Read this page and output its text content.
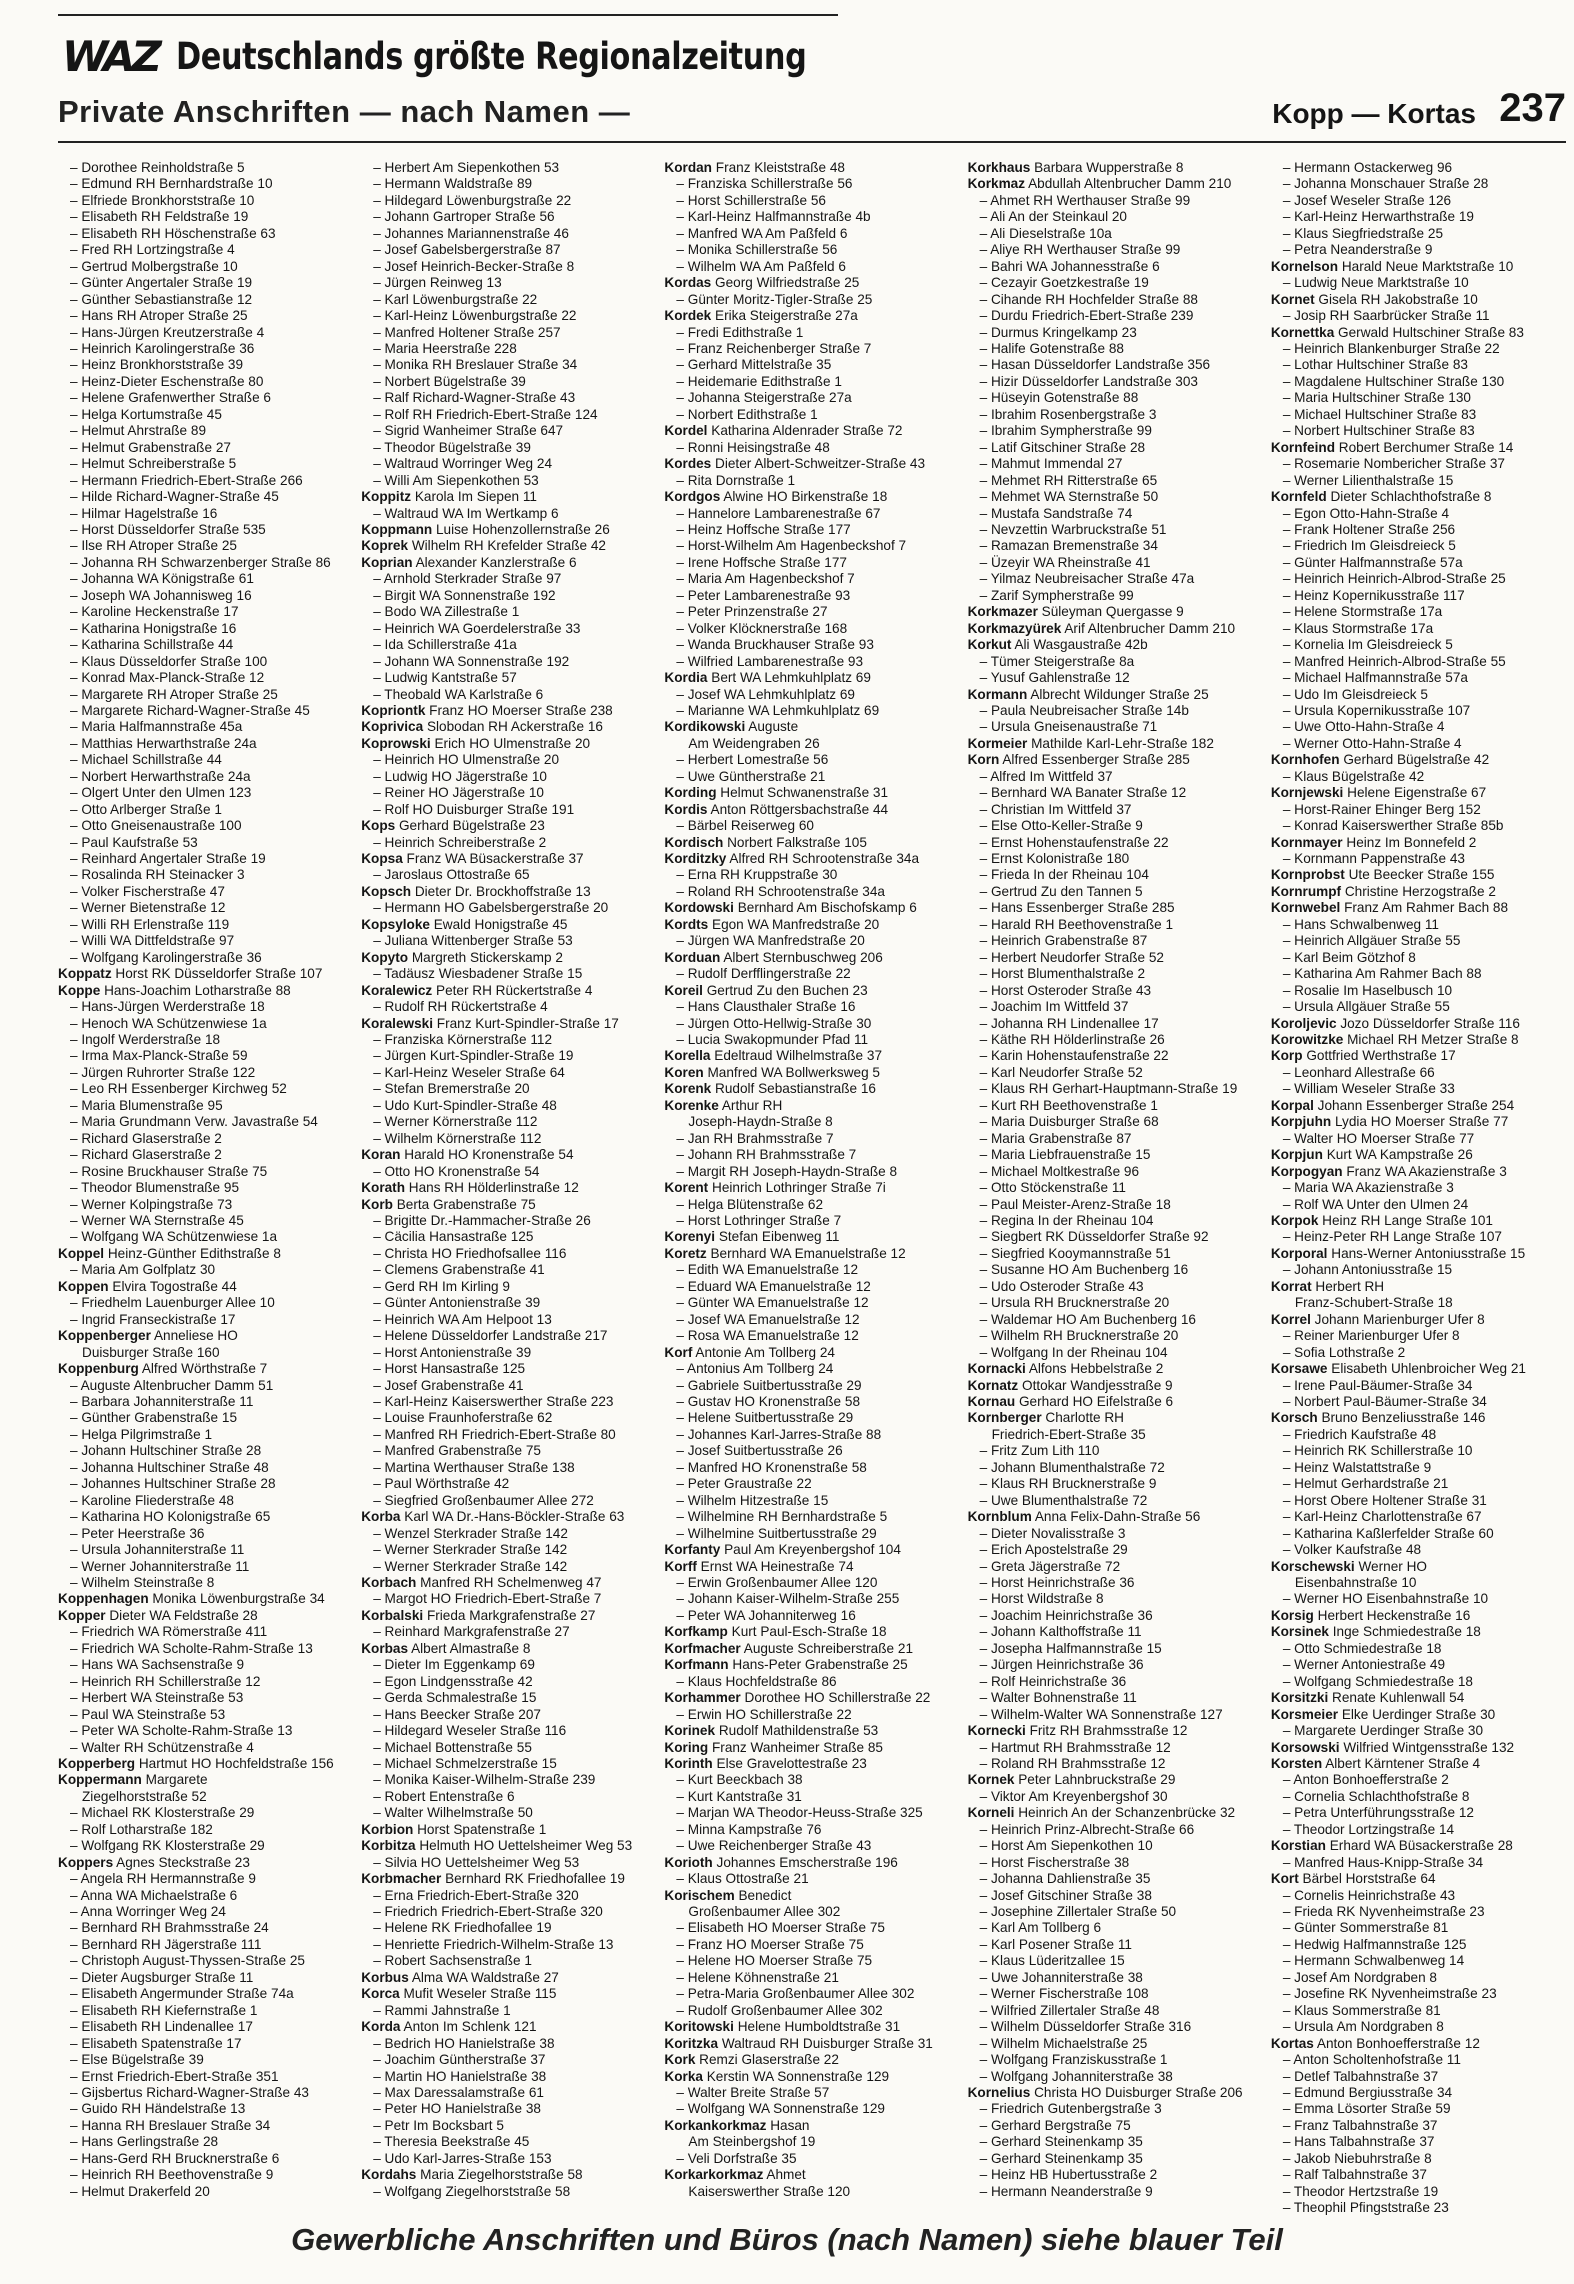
WAZ Deutschlands größte Regionalzeitung
Private Anschriften — nach Namen —	Kopp — Kortas 237
– Dorothee Reinholdstraße 5
– Edmund RH Bernhardstraße 10
– Elfriede Bronkhorststraße 10
– Elisabeth RH Feldstraße 19
– Elisabeth RH Höschenstraße 63
– Fred RH Lortzingstraße 4
– Gertrud Molbergstraße 10
– Günter Angertaler Straße 19
– Günther Sebastianstraße 12
– Hans RH Atroper Straße 25
– Hans-Jürgen Kreutzerstraße 4
– Heinrich Karolingerstraße 36
– Heinz Bronkhorststraße 39
– Heinz-Dieter Eschenstraße 80
– Helene Grafenwerther Straße 6
– Helga Kortumstraße 45
– Helmut Ahrstraße 89
– Helmut Grabenstraße 27
– Helmut Schreiberstraße 5
– Hermann Friedrich-Ebert-Straße 266
– Hilde Richard-Wagner-Straße 45
– Hilmar Hagelstraße 16
– Horst Düsseldorfer Straße 535
– Ilse RH Atroper Straße 25
– Johanna RH Schwarzenberger Straße 86
– Johanna WA Königstraße 61
– Joseph WA Johannisweg 16
– Karoline Heckenstraße 17
– Katharina Honigstraße 16
– Katharina Schillstraße 44
– Klaus Düsseldorfer Straße 100
– Konrad Max-Planck-Straße 12
– Margarete RH Atroper Straße 25
– Margarete Richard-Wagner-Straße 45
– Maria Halfmannstraße 45a
– Matthias Herwarthstraße 24a
– Michael Schillstraße 44
– Norbert Herwarthstraße 24a
– Olgert Unter den Ulmen 123
– Otto Arlberger Straße 1
– Otto Gneisenaustraße 100
– Paul Kaufstraße 53
– Reinhard Angertaler Straße 19
– Rosalinda RH Steinacker 3
– Volker Fischerstraße 47
– Werner Bietenstraße 12
– Willi RH Erlenstraße 119
– Willi WA Dittfeldstraße 97
– Wolfgang Karolingerstraße 36
Koppatz Horst RK Düsseldorfer Straße 107
Koppe Hans-Joachim Lotharstraße 88
– Hans-Jürgen Werderstraße 18
– Henoch WA Schützenwiese 1a
– Ingolf Werderstraße 18
– Irma Max-Planck-Straße 59
– Jürgen Ruhrorter Straße 122
– Leo RH Essenberger Kirchweg 52
– Maria Blumenstraße 95
– Maria Grundmann Verw. Javastraße 54
– Richard Glaserstraße 2
– Richard Glaserstraße 2
– Rosine Bruckhauser Straße 75
– Theodor Blumenstraße 95
– Werner Kolpingstraße 73
– Werner WA Sternstraße 45
– Wolfgang WA Schützenwiese 1a
Koppel Heinz-Günther Edithstraße 8
– Maria Am Golfplatz 30
Koppen Elvira Togostraße 44
– Friedhelm Lauenburger Allee 10
– Ingrid Franseckistraße 17
Koppenberger Anneliese HO
Duisburger Straße 160
Koppenburg Alfred Wörthstraße 7
– Auguste Altenbrucher Damm 51
– Barbara Johanniterstraße 11
– Günther Grabenstraße 15
– Helga Pilgrimstraße 1
– Johann Hultschiner Straße 28
– Johanna Hultschiner Straße 48
– Johannes Hultschiner Straße 28
– Karoline Fliederstraße 48
– Katharina HO Kolonigstraße 65
– Peter Heerstraße 36
– Ursula Johanniterstraße 11
– Werner Johanniterstraße 11
– Wilhelm Steinstraße 8
Koppenhagen Monika Löwenburgstraße 34
Kopper Dieter WA Feldstraße 28
– Friedrich WA Römerstraße 411
– Friedrich WA Scholte-Rahm-Straße 13
– Hans WA Sachsenstraße 9
– Heinrich RH Schillerstraße 12
– Herbert WA Steinstraße 53
– Paul WA Steinstraße 53
– Peter WA Scholte-Rahm-Straße 13
– Walter RH Schützenstraße 4
Kopperberg Hartmut HO Hochfeldstraße 156
Koppermann Margarete
Ziegelhorststraße 52
– Michael RK Klosterstraße 29
– Rolf Lotharstraße 182
– Wolfgang RK Klosterstraße 29
Koppers Agnes Steckstraße 23
– Angela RH Hermannstraße 9
– Anna WA Michaelstraße 6
– Anna Worringer Weg 24
– Bernhard RH Brahmsstraße 24
– Bernhard RH Jägerstraße 111
– Christoph August-Thyssen-Straße 25
– Dieter Augsburger Straße 11
– Elisabeth Angermunder Straße 74a
– Elisabeth RH Kiefernstraße 1
– Elisabeth RH Lindenallee 17
– Elisabeth Spatenstraße 17
– Else Bügelstraße 39
– Ernst Friedrich-Ebert-Straße 351
– Gijsbertus Richard-Wagner-Straße 43
– Guido RH Händelstraße 13
– Hanna RH Breslauer Straße 34
– Hans Gerlingstraße 28
– Hans-Gerd RH Brucknerstraße 6
– Heinrich RH Beethovenstraße 9
– Helmut Drakerfeld 20
– Herbert Am Siepenkothen 53
– Hermann Waldstraße 89
– Hildegard Löwenburgstraße 22
– Johann Gartroper Straße 56
– Johannes Mariannenstraße 46
– Josef Gabelsbergerstraße 87
– Josef Heinrich-Becker-Straße 8
– Jürgen Reinweg 13
– Karl Löwenburgstraße 22
– Karl-Heinz Löwenburgstraße 22
– Manfred Holtener Straße 257
– Maria Heerstraße 228
– Monika RH Breslauer Straße 34
– Norbert Bügelstraße 39
– Ralf Richard-Wagner-Straße 43
– Rolf RH Friedrich-Ebert-Straße 124
– Sigrid Wanheimer Straße 647
– Theodor Bügelstraße 39
– Waltraud Worringer Weg 24
– Willi Am Siepenkothen 53
Koppitz Karola Im Siepen 11
– Waltraud WA Im Wertkamp 6
Koppmann Luise Hohenzollernstraße 26
Koprek Wilhelm RH Krefelder Straße 42
Koprian Alexander Kanzlerstraße 6
– Arnhold Sterkrader Straße 97
– Birgit WA Sonnenstraße 192
– Bodo WA Zillestraße 1
– Heinrich WA Goerdelerstraße 33
– Ida Schillerstraße 41a
– Johann WA Sonnenstraße 192
– Ludwig Kantstraße 57
– Theobald WA Karlstraße 6
Kopriontk Franz HO Moerser Straße 238
Koprivica Slobodan RH Ackerstraße 16
Koprowski Erich HO Ulmenstraße 20
– Heinrich HO Ulmenstraße 20
– Ludwig HO Jägerstraße 10
– Reiner HO Jägerstraße 10
– Rolf HO Duisburger Straße 191
Kops Gerhard Bügelstraße 23
– Heinrich Schreiberstraße 2
Kopsa Franz WA Büsackerstraße 37
– Jaroslaus Ottostraße 65
Kopsch Dieter Dr. Brockhoffstraße 13
– Hermann HO Gabelsbergerstraße 20
Kopsyloke Ewald Honigstraße 45
– Juliana Wittenberger Straße 53
Kopyto Margreth Stickerskamp 2
– Tadäusz Wiesbadener Straße 15
Koralewicz Peter RH Rückertstraße 4
– Rudolf RH Rückertstraße 4
Koralewski Franz Kurt-Spindler-Straße 17
– Franziska Körnerstraße 112
– Jürgen Kurt-Spindler-Straße 19
– Karl-Heinz Weseler Straße 64
– Stefan Bremerstraße 20
– Udo Kurt-Spindler-Straße 48
– Werner Körnerstraße 112
– Wilhelm Körnerstraße 112
Koran Harald HO Kronenstraße 54
– Otto HO Kronenstraße 54
Korath Hans RH Hölderlinstraße 12
Korb Berta Grabenstraße 75
– Brigitte Dr.-Hammacher-Straße 26
– Cäcilia Hansastraße 125
– Christa HO Friedhofsallee 116
– Clemens Grabenstraße 41
– Gerd RH Im Kirling 9
– Günter Antonienstraße 39
– Heinrich WA Am Helpoot 13
– Helene Düsseldorfer Landstraße 217
– Horst Antonienstraße 39
– Horst Hansastraße 125
– Josef Grabenstraße 41
– Karl-Heinz Kaiserswerther Straße 223
– Louise Fraunhoferstraße 62
– Manfred RH Friedrich-Ebert-Straße 80
– Manfred Grabenstraße 75
– Martina Werthauser Straße 138
– Paul Wörthstraße 42
– Siegfried Großenbaumer Allee 272
Korba Karl WA Dr.-Hans-Böckler-Straße 63
– Wenzel Sterkrader Straße 142
– Werner Sterkrader Straße 142
– Werner Sterkrader Straße 142
Korbach Manfred RH Schelmenweg 47
– Margot HO Friedrich-Ebert-Straße 7
Korbalski Frieda Markgrafenstraße 27
– Reinhard Markgrafenstraße 27
Korbas Albert Almastraße 8
– Dieter Im Eggenkamp 69
– Egon Lindgensstraße 42
– Gerda Schmalestraße 15
– Hans Beecker Straße 207
– Hildegard Weseler Straße 116
– Michael Bottenstraße 55
– Michael Schmelzerstraße 15
– Monika Kaiser-Wilhelm-Straße 239
– Robert Entenstraße 6
– Walter Wilhelmstraße 50
Korbion Horst Spatenstraße 1
Korbitza Helmuth HO Uettelsheimer Weg 53
– Silvia HO Uettelsheimer Weg 53
Korbmacher Bernhard RK Friedhofallee 19
– Erna Friedrich-Ebert-Straße 320
– Friedrich Friedrich-Ebert-Straße 320
– Helene RK Friedhofallee 19
– Henriette Friedrich-Wilhelm-Straße 13
– Robert Sachsenstraße 1
Korbus Alma WA Waldstraße 27
Korca Mufit Weseler Straße 115
– Rammi Jahnstraße 1
Korda Anton Im Schlenk 121
– Bedrich HO Hanielstraße 38
– Joachim Güntherstraße 37
– Martin HO Hanielstraße 38
– Max Daressalamstraße 61
– Peter HO Hanielstraße 38
– Petr Im Bocksbart 5
– Theresia Beekstraße 45
– Udo Karl-Jarres-Straße 153
Kordahs Maria Ziegelhorststraße 58
– Wolfgang Ziegelhorststraße 58
Kordan Franz Kleiststraße 48
– Franziska Schillerstraße 56
– Horst Schillerstraße 56
– Karl-Heinz Halfmannstraße 4b
– Manfred WA Am Paßfeld 6
– Monika Schillerstraße 56
– Wilhelm WA Am Paßfeld 6
Kordas Georg Wilfriedstraße 25
– Günter Moritz-Tigler-Straße 25
Kordek Erika Steigerstraße 27a
– Fredi Edithstraße 1
– Franz Reichenberger Straße 7
– Gerhard Mittelstraße 35
– Heidemarie Edithstraße 1
– Johanna Steigerstraße 27a
– Norbert Edithstraße 1
Kordel Katharina Aldenrader Straße 72
– Ronni Heisingstraße 48
Kordes Dieter Albert-Schweitzer-Straße 43
– Rita Dornstraße 1
Kordgos Alwine HO Birkenstraße 18
– Hannelore Lambarenestraße 67
– Heinz Hoffsche Straße 177
– Horst-Wilhelm Am Hagenbeckshof 7
– Irene Hoffsche Straße 177
– Maria Am Hagenbeckshof 7
– Peter Lambarenestraße 93
– Peter Prinzenstraße 27
– Volker Klöcknerstraße 168
– Wanda Bruckhauser Straße 93
– Wilfried Lambarenestraße 93
Kordia Bert WA Lehmkuhlplatz 69
– Josef WA Lehmkuhlplatz 69
– Marianne WA Lehmkuhlplatz 69
Kordikowski Auguste
Am Weidengraben 26
– Herbert Lomestraße 56
– Uwe Güntherstraße 21
Kording Helmut Schwanenstraße 31
Kordis Anton Röttgersbachstraße 44
– Bärbel Reiserweg 60
Kordisch Norbert Falkstraße 105
Korditzky Alfred RH Schrootenstraße 34a
– Erna RH Kruppstraße 30
– Roland RH Schrootenstraße 34a
Kordowski Bernhard Am Bischofskamp 6
Kordts Egon WA Manfredstraße 20
– Jürgen WA Manfredstraße 20
Korduan Albert Sternbuschweg 206
– Rudolf Derfflingerstraße 22
Koreil Gertrud Zu den Buchen 23
– Hans Clausthaler Straße 16
– Jürgen Otto-Hellwig-Straße 30
– Lucia Swakopmunder Pfad 11
Korella Edeltraud Wilhelmstraße 37
Koren Manfred WA Bollwerksweg 5
Korenk Rudolf Sebastianstraße 16
Korenke Arthur RH
Joseph-Haydn-Straße 8
– Jan RH Brahmsstraße 7
– Johann RH Brahmsstraße 7
– Margit RH Joseph-Haydn-Straße 8
Korent Heinrich Lothringer Straße 7i
– Helga Blütenstraße 62
– Horst Lothringer Straße 7
Korenyi Stefan Eibenweg 11
Koretz Bernhard WA Emanuelstraße 12
– Edith WA Emanuelstraße 12
– Eduard WA Emanuelstraße 12
– Günter WA Emanuelstraße 12
– Josef WA Emanuelstraße 12
– Rosa WA Emanuelstraße 12
Korf Antonie Am Tollberg 24
– Antonius Am Tollberg 24
– Gabriele Suitbertusstraße 29
– Gustav HO Kronenstraße 58
– Helene Suitbertusstraße 29
– Johannes Karl-Jarres-Straße 88
– Josef Suitbertusstraße 26
– Manfred HO Kronenstraße 58
– Peter Graustraße 22
– Wilhelm Hitzestraße 15
– Wilhelmine RH Bernhardstraße 5
– Wilhelmine Suitbertusstraße 29
Korfanty Paul Am Kreyenbergshof 104
Korff Ernst WA Heinestraße 74
– Erwin Großenbaumer Allee 120
– Johann Kaiser-Wilhelm-Straße 255
– Peter WA Johanniterweg 16
Korfkamp Kurt Paul-Esch-Straße 18
Korfmacher Auguste Schreiberstraße 21
Korfmann Hans-Peter Grabenstraße 25
– Klaus Hochfeldstraße 86
Korhammer Dorothee HO Schillerstraße 22
– Erwin HO Schillerstraße 22
Korinek Rudolf Mathildenstraße 53
Koring Franz Wanheimer Straße 85
Korinth Else Gravelottestraße 23
– Kurt Beeckbach 38
– Kurt Kantstraße 31
– Marjan WA Theodor-Heuss-Straße 325
– Minna Kampstraße 76
– Uwe Reichenberger Straße 43
Korioth Johannes Emscherstraße 196
– Klaus Ottostraße 21
Korischem Benedict
Großenbaumer Allee 302
– Elisabeth HO Moerser Straße 75
– Franz HO Moerser Straße 75
– Helene HO Moerser Straße 75
– Helene Köhnenstraße 21
– Petra-Maria Großenbaumer Allee 302
– Rudolf Großenbaumer Allee 302
Koritowski Helene Humboldtstraße 31
Koritzka Waltraud RH Duisburger Straße 31
Kork Remzi Glaserstraße 22
Korka Kerstin WA Sonnenstraße 129
– Walter Breite Straße 57
– Wolfgang WA Sonnenstraße 129
Korkankorkmaz Hasan
Am Steinbergshof 19
– Veli Dorfstraße 35
Korkarkorkmaz Ahmet
Kaiserswerther Straße 120
Korkhaus Barbara Wupperstraße 8
Korkmaz Abdullah Altenbrucher Damm 210
– Ahmet RH Werthauser Straße 99
– Ali An der Steinkaul 20
– Ali Dieselstraße 10a
– Aliye RH Werthauser Straße 99
– Bahri WA Johannesstraße 6
– Cezayir Goetzkestraße 19
– Cihande RH Hochfelder Straße 88
– Durdu Friedrich-Ebert-Straße 239
– Durmus Kringelkamp 23
– Halife Gotenstraße 88
– Hasan Düsseldorfer Landstraße 356
– Hizir Düsseldorfer Landstraße 303
– Hüseyin Gotenstraße 88
– Ibrahim Rosenbergstraße 3
– Ibrahim Sympherstraße 99
– Latif Gitschiner Straße 28
– Mahmut Immendal 27
– Mehmet RH Ritterstraße 65
– Mehmet WA Sternstraße 50
– Mustafa Sandstraße 74
– Nevzettin Warbruckstraße 51
– Ramazan Bremenstraße 34
– Üzeyir WA Rheinstraße 41
– Yilmaz Neubreisacher Straße 47a
– Zarif Sympherstraße 99
Korkmazer Süleyman Quergasse 9
Korkmazyürek Arif Altenbrucher Damm 210
Korkut Ali Wasgaustraße 42b
– Tümer Steigerstraße 8a
– Yusuf Gahlenstraße 12
Kormann Albrecht Wildunger Straße 25
– Paula Neubreisacher Straße 14b
– Ursula Gneisenaustraße 71
Kormeier Mathilde Karl-Lehr-Straße 182
Korn Alfred Essenberger Straße 285
– Alfred Im Wittfeld 37
– Bernhard WA Banater Straße 12
– Christian Im Wittfeld 37
– Else Otto-Keller-Straße 9
– Ernst Hohenstaufenstraße 22
– Ernst Kolonistraße 180
– Frieda In der Rheinau 104
– Gertrud Zu den Tannen 5
– Hans Essenberger Straße 285
– Harald RH Beethovenstraße 1
– Heinrich Grabenstraße 87
– Herbert Neudorfer Straße 52
– Horst Blumenthalstraße 2
– Horst Osteroder Straße 43
– Joachim Im Wittfeld 37
– Johanna RH Lindenallee 17
– Käthe RH Hölderlinstraße 26
– Karin Hohenstaufenstraße 22
– Karl Neudorfer Straße 52
– Klaus RH Gerhart-Hauptmann-Straße 19
– Kurt RH Beethovenstraße 1
– Maria Duisburger Straße 68
– Maria Grabenstraße 87
– Maria Liebfrauenstraße 15
– Michael Moltkestraße 96
– Otto Stöckenstraße 11
– Paul Meister-Arenz-Straße 18
– Regina In der Rheinau 104
– Siegbert RK Düsseldorfer Straße 92
– Siegfried Kooymannstraße 51
– Susanne HO Am Buchenberg 16
– Udo Osteroder Straße 43
– Ursula RH Brucknerstraße 20
– Waldemar HO Am Buchenberg 16
– Wilhelm RH Brucknerstraße 20
– Wolfgang In der Rheinau 104
Kornacki Alfons Hebbelstraße 2
Kornatz Ottokar Wandjesstraße 9
Kornau Gerhard HO Eifelstraße 6
Kornberger Charlotte RH
Friedrich-Ebert-Straße 35
– Fritz Zum Lith 110
– Johann Blumenthalstraße 72
– Klaus RH Brucknerstraße 9
– Uwe Blumenthalstraße 72
Kornblum Anna Felix-Dahn-Straße 56
– Dieter Novalisstraße 3
– Erich Apostelstraße 29
– Greta Jägerstraße 72
– Horst Heinrichstraße 36
– Horst Wildstraße 8
– Joachim Heinrichstraße 36
– Johann Kalthoffstraße 11
– Josepha Halfmannstraße 15
– Jürgen Heinrichstraße 36
– Rolf Heinrichstraße 36
– Walter Bohnenstraße 11
– Wilhelm-Walter WA Sonnenstraße 127
Kornecki Fritz RH Brahmsstraße 12
– Hartmut RH Brahmsstraße 12
– Roland RH Brahmsstraße 12
Kornek Peter Lahnbruckstraße 29
– Viktor Am Kreyenbergshof 30
Korneli Heinrich An der Schanzenbrücke 32
– Heinrich Prinz-Albrecht-Straße 66
– Horst Am Siepenkothen 10
– Horst Fischerstraße 38
– Johanna Dahlienstraße 35
– Josef Gitschiner Straße 38
– Josephine Zillertaler Straße 50
– Karl Am Tollberg 6
– Karl Posener Straße 11
– Klaus Lüderitzallee 15
– Uwe Johanniterstraße 38
– Werner Fischerstraße 108
– Wilfried Zillertaler Straße 48
– Wilhelm Düsseldorfer Straße 316
– Wilhelm Michaelstraße 25
– Wolfgang Franziskusstraße 1
– Wolfgang Johanniterstraße 38
Kornelius Christa HO Duisburger Straße 206
– Friedrich Gutenbergstraße 3
– Gerhard Bergstraße 75
– Gerhard Steinenkamp 35
– Gerhard Steinenkamp 35
– Heinz HB Hubertusstraße 2
– Hermann Neanderstraße 9
– Hermann Ostackerweg 96
– Johanna Monschauer Straße 28
– Josef Weseler Straße 126
– Karl-Heinz Herwarthstraße 19
– Klaus Siegfriedstraße 25
– Petra Neanderstraße 9
Kornelson Harald Neue Marktstraße 10
– Ludwig Neue Marktstraße 10
Kornet Gisela RH Jakobstraße 10
– Josip RH Saarbrücker Straße 11
Kornettka Gerwald Hultschiner Straße 83
– Heinrich Blankenburger Straße 22
– Lothar Hultschiner Straße 83
– Magdalene Hultschiner Straße 130
– Maria Hultschiner Straße 130
– Michael Hultschiner Straße 83
– Norbert Hultschiner Straße 83
Kornfeind Robert Berchumer Straße 14
– Rosemarie Nombericher Straße 37
– Werner Lilienthalstraße 15
Kornfeld Dieter Schlachthofstraße 8
– Egon Otto-Hahn-Straße 4
– Frank Holtener Straße 256
– Friedrich Im Gleisdreieck 5
– Günter Halfmannstraße 57a
– Heinrich Heinrich-Albrod-Straße 25
– Heinz Kopernikusstraße 117
– Helene Stormstraße 17a
– Klaus Stormstraße 17a
– Kornelia Im Gleisdreieck 5
– Manfred Heinrich-Albrod-Straße 55
– Michael Halfmannstraße 57a
– Udo Im Gleisdreieck 5
– Ursula Kopernikusstraße 107
– Uwe Otto-Hahn-Straße 4
– Werner Otto-Hahn-Straße 4
Kornhofen Gerhard Bügelstraße 42
– Klaus Bügelstraße 42
Kornjewski Helene Eigenstraße 67
– Horst-Rainer Ehinger Berg 152
– Konrad Kaiserswerther Straße 85b
Kornmayer Heinz Im Bonnefeld 2
– Kornmann Pappenstraße 43
Kornprobst Ute Beecker Straße 155
Kornrumpf Christine Herzogstraße 2
Kornwebel Franz Am Rahmer Bach 88
– Hans Schwalbenweg 11
– Heinrich Allgäuer Straße 55
– Karl Beim Götzhof 8
– Katharina Am Rahmer Bach 88
– Rosalie Im Haselbusch 10
– Ursula Allgäuer Straße 55
Koroljevic Jozo Düsseldorfer Straße 116
Korowitzke Michael RH Metzer Straße 8
Korp Gottfried Werthstraße 17
– Leonhard Allestraße 66
– William Weseler Straße 33
Korpal Johann Essenberger Straße 254
Korpjuhn Lydia HO Moerser Straße 77
– Walter HO Moerser Straße 77
Korpjun Kurt WA Kampstraße 26
Korpogyan Franz WA Akazienstraße 3
– Maria WA Akazienstraße 3
– Rolf WA Unter den Ulmen 24
Korpok Heinz RH Lange Straße 101
– Heinz-Peter RH Lange Straße 107
Korporal Hans-Werner Antoniusstraße 15
– Johann Antoniusstraße 15
Korrat Herbert RH
Franz-Schubert-Straße 18
Korrel Johann Marienburger Ufer 8
– Reiner Marienburger Ufer 8
– Sofia Lothstraße 2
Korsawe Elisabeth Uhlenbroicher Weg 21
– Irene Paul-Bäumer-Straße 34
– Norbert Paul-Bäumer-Straße 34
Korsch Bruno Benzeliusstraße 146
– Friedrich Kaufstraße 48
– Heinrich RK Schillerstraße 10
– Heinz Walstattstraße 9
– Helmut Gerhardstraße 21
– Horst Obere Holtener Straße 31
– Karl-Heinz Charlottenstraße 67
– Katharina Kaßlerfelder Straße 60
– Volker Kaufstraße 48
Korschewski Werner HO
Eisenbahnstraße 10
– Werner HO Eisenbahnstraße 10
Korsig Herbert Heckenstraße 16
Korsinek Inge Schmiedestraße 18
– Otto Schmiedestraße 18
– Werner Antoniestraße 49
– Wolfgang Schmiedestraße 18
Korsitzki Renate Kuhlenwall 54
Korsmeier Elke Uerdinger Straße 30
– Margarete Uerdinger Straße 30
Korsowski Wilfried Wintgensstraße 132
Korsten Albert Kärntener Straße 4
– Anton Bonhoefferstraße 2
– Cornelia Schlachthofstraße 8
– Petra Unterführungsstraße 12
– Theodor Lortzingstraße 14
Korstian Erhard WA Büsackerstraße 28
– Manfred Haus-Knipp-Straße 34
Kort Bärbel Horststraße 64
– Cornelis Heinrichstraße 43
– Frieda RK Nyvenheimstraße 23
– Günter Sommerstraße 81
– Hedwig Halfmannstraße 125
– Hermann Schwalbenweg 14
– Josef Am Nordgraben 8
– Josefine RK Nyvenheimstraße 23
– Klaus Sommerstraße 81
– Ursula Am Nordgraben 8
Kortas Anton Bonhoefferstraße 12
– Anton Scholtenhofstraße 11
– Detlef Talbahnstraße 37
– Edmund Bergiusstraße 34
– Emma Lösorter Straße 59
– Franz Talbahnstraße 37
– Hans Talbahnstraße 37
– Jakob Niebuhrstraße 8
– Ralf Talbahnstraße 37
– Theodor Hertzstraße 19
– Theophil Pfingststraße 23
Gewerbliche Anschriften und Büros (nach Namen) siehe blauer Teil
